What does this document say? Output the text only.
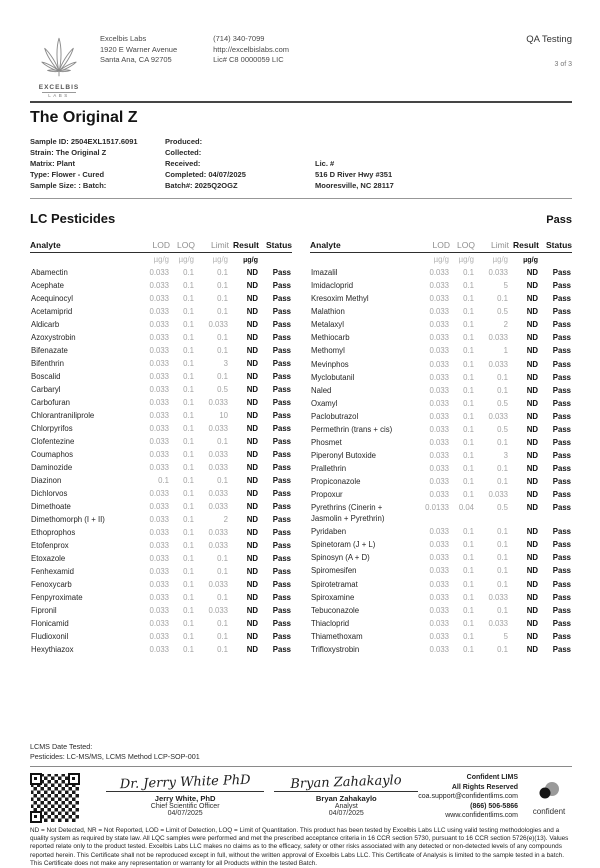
EXCELBIS
LABS
Excelbis Labs
1920 E Warner Avenue
Santa Ana, CA 92705
(714) 340-7099
http://excelbislabs.com
Lic# C8 0000059 LIC
QA Testing
3 of 3
The Original Z
Sample ID: 2504EXL1517.6091
Strain: The Original Z
Matrix: Plant
Type: Flower - Cured
Sample Size: : Batch:
Produced:
Collected:
Received:
Completed: 04/07/2025
Batch#: 2025Q2OGZ

Lic. #
516 D River Hwy #351
Mooresville, NC 28117
LC Pesticides	Pass
Analyte	LOD	LOQ	Limit	Result	Status
	µg/g	µg/g	µg/g	µg/g	
Abamectin	0.033	0.1	0.1	ND	Pass
Acephate	0.033	0.1	0.1	ND	Pass
Acequinocyl	0.033	0.1	0.1	ND	Pass
Acetamiprid	0.033	0.1	0.1	ND	Pass
Aldicarb	0.033	0.1	0.033	ND	Pass
Azoxystrobin	0.033	0.1	0.1	ND	Pass
Bifenazate	0.033	0.1	0.1	ND	Pass
Bifenthrin	0.033	0.1	3	ND	Pass
Boscalid	0.033	0.1	0.1	ND	Pass
Carbaryl	0.033	0.1	0.5	ND	Pass
Carbofuran	0.033	0.1	0.033	ND	Pass
Chlorantraniliprole	0.033	0.1	10	ND	Pass
Chlorpyrifos	0.033	0.1	0.033	ND	Pass
Clofentezine	0.033	0.1	0.1	ND	Pass
Coumaphos	0.033	0.1	0.033	ND	Pass
Daminozide	0.033	0.1	0.033	ND	Pass
Diazinon	0.1	0.1	0.1	ND	Pass
Dichlorvos	0.033	0.1	0.033	ND	Pass
Dimethoate	0.033	0.1	0.033	ND	Pass
Dimethomorph (I + II)	0.033	0.1	2	ND	Pass
Ethoprophos	0.033	0.1	0.033	ND	Pass
Etofenprox	0.033	0.1	0.033	ND	Pass
Etoxazole	0.033	0.1	0.1	ND	Pass
Fenhexamid	0.033	0.1	0.1	ND	Pass
Fenoxycarb	0.033	0.1	0.033	ND	Pass
Fenpyroximate	0.033	0.1	0.1	ND	Pass
Fipronil	0.033	0.1	0.033	ND	Pass
Flonicamid	0.033	0.1	0.1	ND	Pass
Fludioxonil	0.033	0.1	0.1	ND	Pass
Hexythiazox	0.033	0.1	0.1	ND	Pass
Analyte	LOD	LOQ	Limit	Result	Status
	µg/g	µg/g	µg/g	µg/g	
Imazalil	0.033	0.1	0.033	ND	Pass
Imidacloprid	0.033	0.1	5	ND	Pass
Kresoxim Methyl	0.033	0.1	0.1	ND	Pass
Malathion	0.033	0.1	0.5	ND	Pass
Metalaxyl	0.033	0.1	2	ND	Pass
Methiocarb	0.033	0.1	0.033	ND	Pass
Methomyl	0.033	0.1	1	ND	Pass
Mevinphos	0.033	0.1	0.033	ND	Pass
Myclobutanil	0.033	0.1	0.1	ND	Pass
Naled	0.033	0.1	0.1	ND	Pass
Oxamyl	0.033	0.1	0.5	ND	Pass
Paclobutrazol	0.033	0.1	0.033	ND	Pass
Permethrin (trans + cis)	0.033	0.1	0.5	ND	Pass
Phosmet	0.033	0.1	0.1	ND	Pass
Piperonyl Butoxide	0.033	0.1	3	ND	Pass
Prallethrin	0.033	0.1	0.1	ND	Pass
Propiconazole	0.033	0.1	0.1	ND	Pass
Propoxur	0.033	0.1	0.033	ND	Pass
Pyrethrins (Cinerin + Jasmolin + Pyrethrin)	0.0133	0.04	0.5	ND	Pass
Pyridaben	0.033	0.1	0.1	ND	Pass
Spinetoram (J + L)	0.033	0.1	0.1	ND	Pass
Spinosyn (A + D)	0.033	0.1	0.1	ND	Pass
Spiromesifen	0.033	0.1	0.1	ND	Pass
Spirotetramat	0.033	0.1	0.1	ND	Pass
Spiroxamine	0.033	0.1	0.033	ND	Pass
Tebuconazole	0.033	0.1	0.1	ND	Pass
Thiacloprid	0.033	0.1	0.033	ND	Pass
Thiamethoxam	0.033	0.1	5	ND	Pass
Trifloxystrobin	0.033	0.1	0.1	ND	Pass
LCMS Date Tested:
Pesticides: LC-MS/MS, LCMS Method LCP-SOP-001
Dr. Jerry White PhD
Jerry White, PhD
Chief Scientific Officer
04/07/2025
Bryan Zahakaylo
Bryan Zahakaylo
Analyst
04/07/2025
Confident LIMS
All Rights Reserved
coa.support@confidentlims.com
(866) 506-5866
www.confidentlims.com	confident

ND = Not Detected, NR = Not Reported, LOD = Limit of Detection, LOQ = Limit of Quantitation. This product has been tested by Excelbis Labs LLC using valid testing methodologies and a quality system as required by state law. All LQC samples were performed and met the prescribed acceptance criteria in 16 CCR section 5730, pursuant to 16 CCR section 5726(e)(13). Values reported relate only to the product tested. Excelbis Labs LLC makes no claims as to the efficacy, safety or other risks associated with any detected or non-detected levels of any compounds reported herein. This Certificate shall not be reproduced except in full, without the written approval of Excelbis Labs LLC. This Certificate of Analysis is limited to the sample tested in a batch. This Certificate does not make any representation or warranty for all Products within the tested Batch.
